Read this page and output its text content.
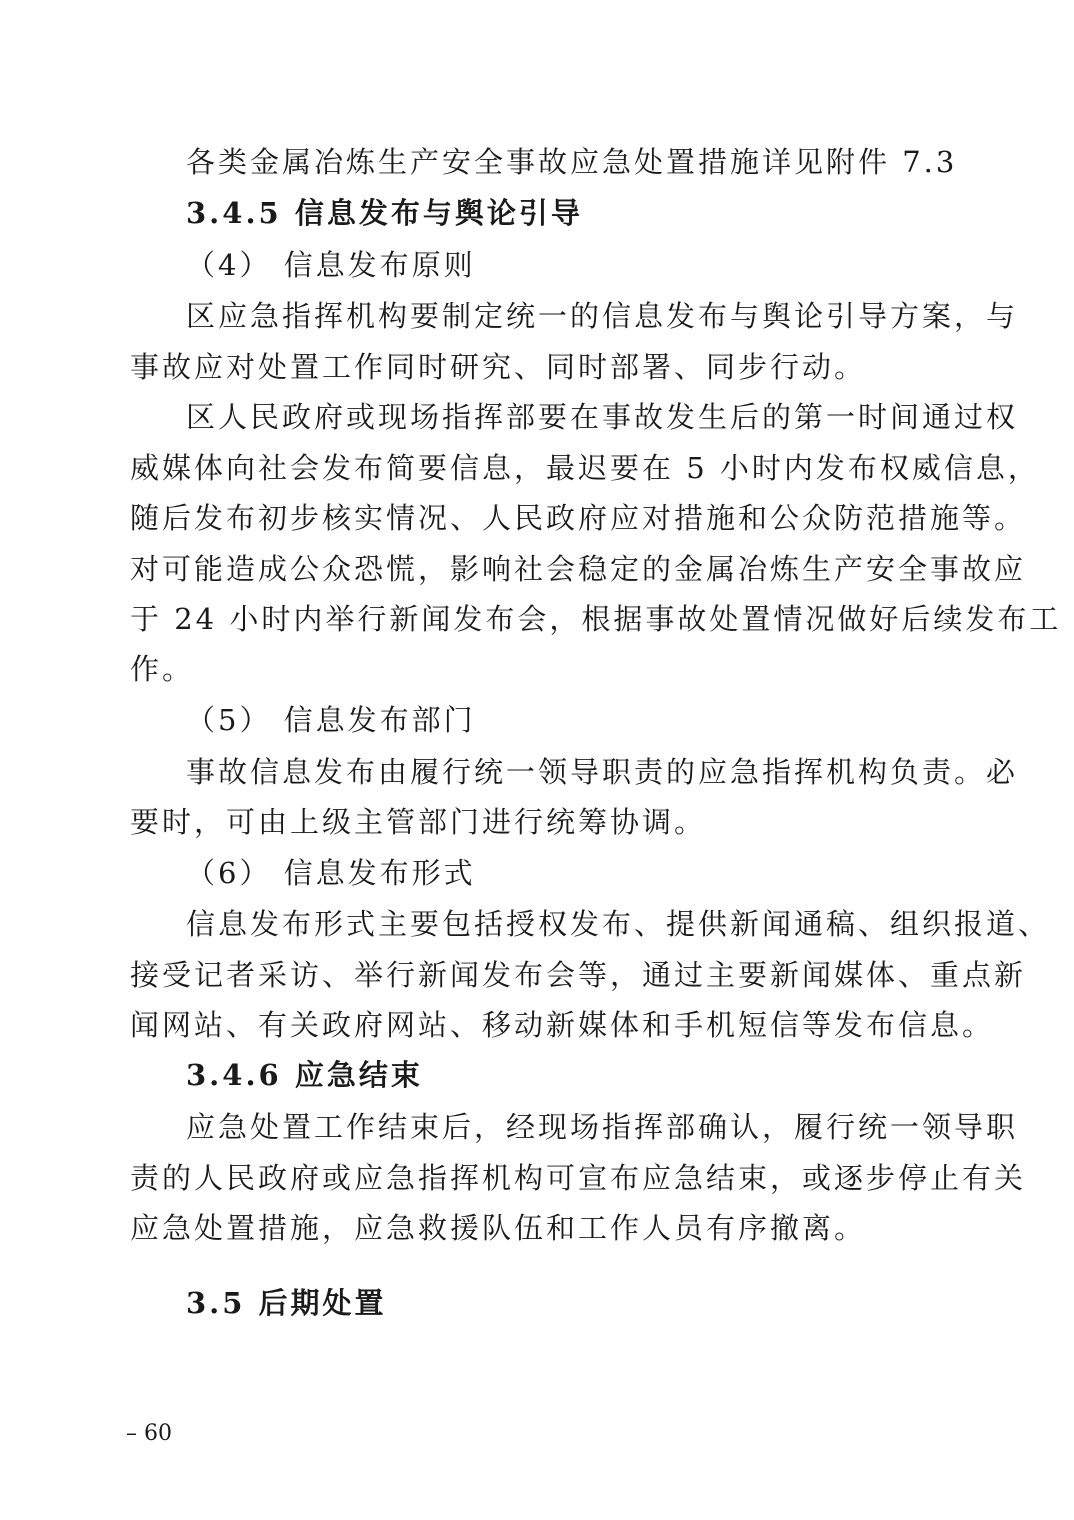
各类金属冶炼生产安全事故应急处置措施详见附件 7.3
3.4.5 信息发布与舆论引导
（4） 信息发布原则
区应急指挥机构要制定统一的信息发布与舆论引导方案，与
事故应对处置工作同时研究、同时部署、同步行动。
区人民政府或现场指挥部要在事故发生后的第一时间通过权
威媒体向社会发布简要信息，最迟要在 5 小时内发布权威信息，
随后发布初步核实情况、人民政府应对措施和公众防范措施等。
对可能造成公众恐慌，影响社会稳定的金属冶炼生产安全事故应
于 24 小时内举行新闻发布会，根据事故处置情况做好后续发布工
作。
（5） 信息发布部门
事故信息发布由履行统一领导职责的应急指挥机构负责。必
要时，可由上级主管部门进行统筹协调。
（6） 信息发布形式
信息发布形式主要包括授权发布、提供新闻通稿、组织报道、
接受记者采访、举行新闻发布会等，通过主要新闻媒体、重点新
闻网站、有关政府网站、移动新媒体和手机短信等发布信息。
3.4.6 应急结束
应急处置工作结束后，经现场指挥部确认，履行统一领导职
责的人民政府或应急指挥机构可宣布应急结束，或逐步停止有关
应急处置措施，应急救援队伍和工作人员有序撤离。
3.5 后期处置
– 60
